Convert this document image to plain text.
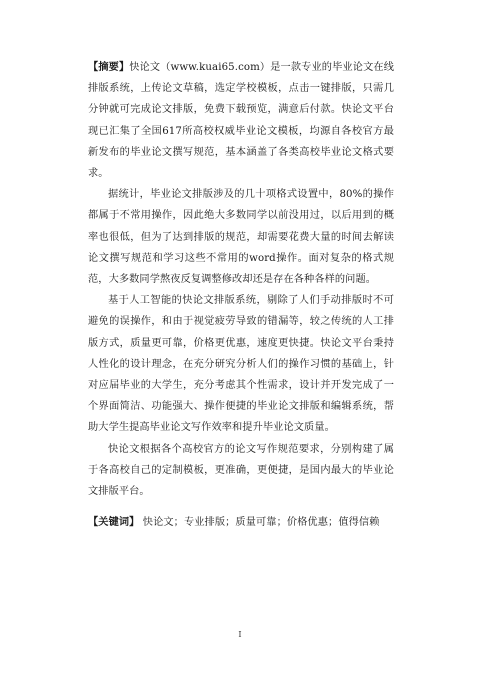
【摘要】快论文（www.kuai65.com）是一款专业的毕业论文在线排版系统，上传论文草稿，选定学校模板，点击一键排版，只需几分钟就可完成论文排版，免费下载预览，满意后付款。快论文平台现已汇集了全国617所高校权威毕业论文模板，均源自各校官方最新发布的毕业论文撰写规范，基本涵盖了各类高校毕业论文格式要求。

据统计，毕业论文排版涉及的几十项格式设置中，80%的操作都属于不常用操作，因此绝大多数同学以前没用过，以后用到的概率也很低，但为了达到排版的规范，却需要花费大量的时间去解读论文撰写规范和学习这些不常用的word操作。面对复杂的格式规范，大多数同学熬夜反复调整修改却还是存在各种各样的问题。

基于人工智能的快论文排版系统，剔除了人们手动排版时不可避免的误操作，和由于视觉疲劳导致的错漏等，较之传统的人工排版方式，质量更可靠，价格更优惠，速度更快捷。快论文平台秉持人性化的设计理念，在充分研究分析人们的操作习惯的基础上，针对应届毕业的大学生，充分考虑其个性需求，设计并开发完成了一个界面简洁、功能强大、操作便捷的毕业论文排版和编辑系统，帮助大学生提高毕业论文写作效率和提升毕业论文质量。

快论文根据各个高校官方的论文写作规范要求，分别构建了属于各高校自己的定制模板，更准确，更便捷，是国内最大的毕业论文排版平台。

【关键词】 快论文；专业排版；质量可靠；价格优惠；值得信赖

I
